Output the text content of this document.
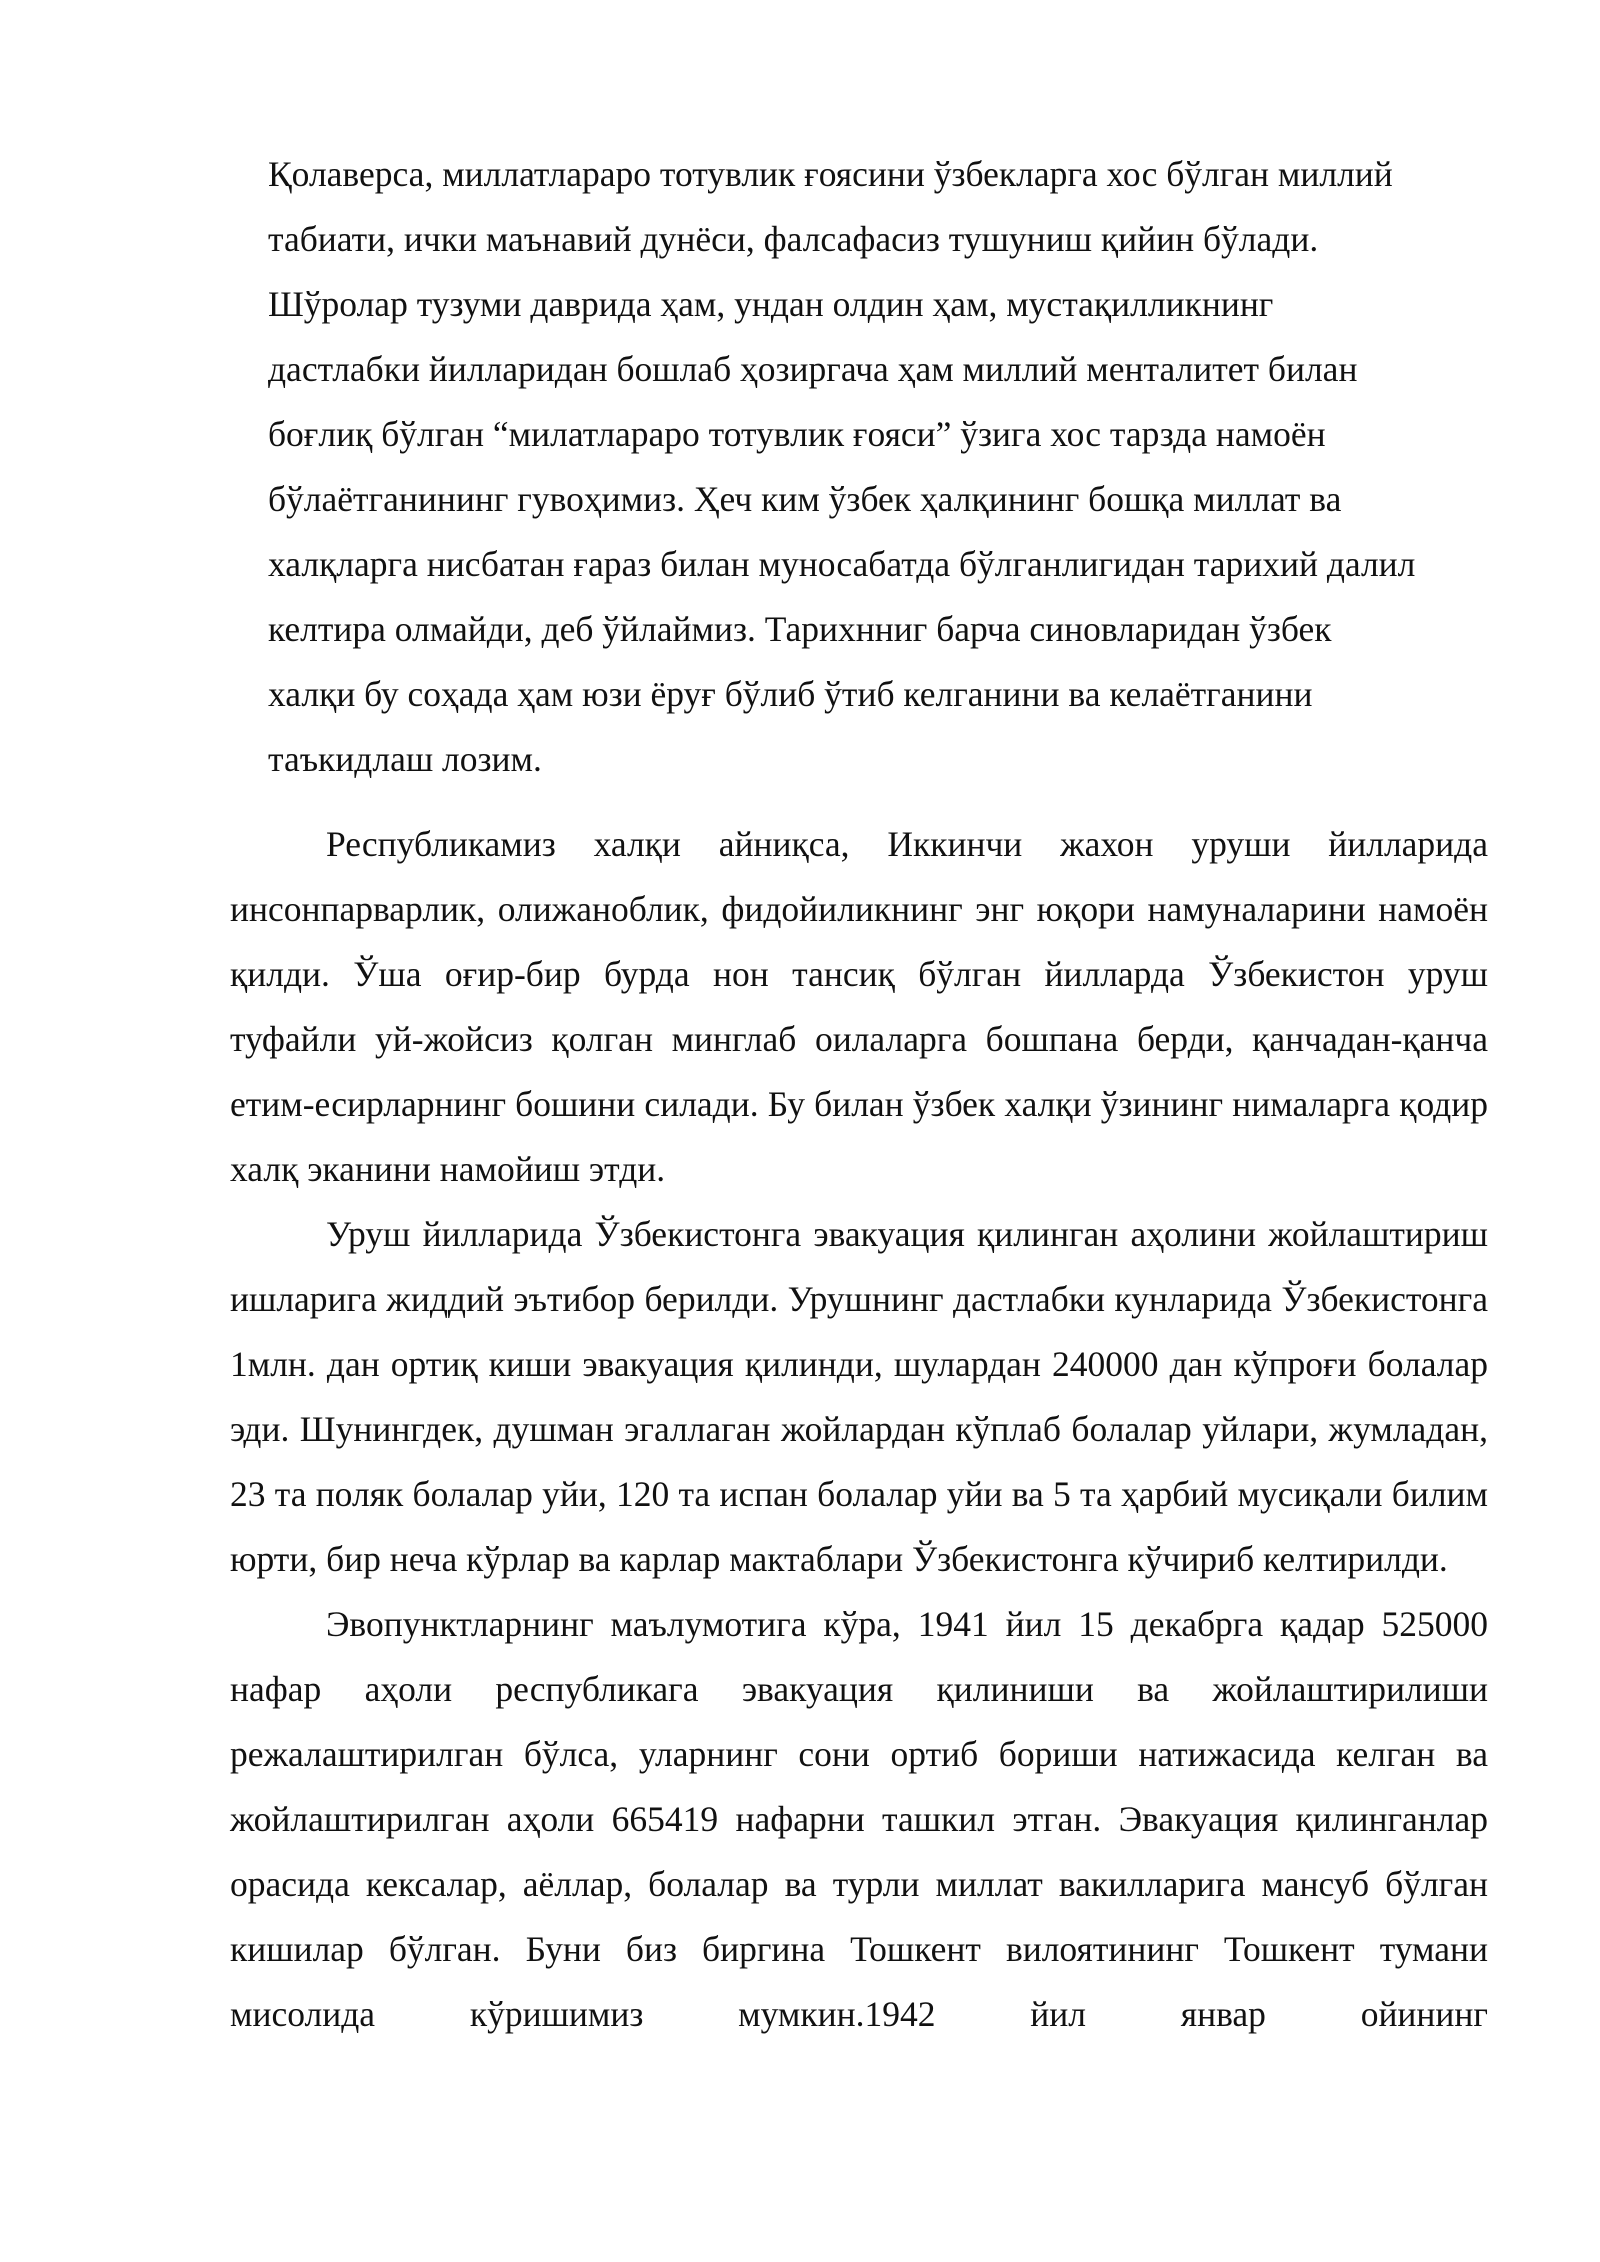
Қолаверса, миллатлараро тотувлик ғоясини ўзбекларга хос бўлган миллий
табиати, ички маънавий дунёси, фалсафасиз тушуниш қийин бўлади.
Шўролар тузуми даврида ҳам, ундан олдин ҳам, мустақилликнинг
дастлабки йилларидан бошлаб ҳозиргача ҳам миллий менталитет билан
боғлиқ бўлган “милатлараро тотувлик ғояси” ўзига хос тарзда намоён
бўлаётганининг гувоҳимиз. Ҳеч ким ўзбек ҳалқининг бошқа миллат ва
халқларга нисбатан ғараз билан муносабатда бўлганлигидан тарихий далил
келтира олмайди, деб ўйлаймиз. Тарихнниг барча синовларидан ўзбек
халқи бу соҳада ҳам юзи ёруғ бўлиб ўтиб келганини ва келаётганини
таъкидлаш лозим.

Республикамиз халқи айниқса, Иккинчи жахон уруши йилларида инсонпарварлик, олижаноблик, фидойиликнинг энг юқори намуналарини намоён қилди. Ўша оғир-бир бурда нон тансиқ бўлган йилларда Ўзбекистон уруш туфайли уй-жойсиз қолган минглаб оилаларга бошпана берди, қанчадан-қанча етим-есирларнинг бошини силади. Бу билан ўзбек халқи ўзининг нималарга қодир халқ эканини намойиш этди.

Уруш йилларида Ўзбекистонга эвакуация қилинган аҳолини жойлаштириш ишларига жиддий эътибор берилди. Урушнинг дастлабки кунларида Ўзбекистонга 1млн. дан ортиқ киши эвакуация қилинди, шулардан 240000 дан кўпроғи болалар эди. Шунингдек, душман эгаллаган жойлардан кўплаб болалар уйлари, жумладан, 23 та поляк болалар уйи, 120 та испан болалар уйи ва 5 та ҳарбий мусиқали билим юрти, бир неча кўрлар ва карлар мактаблари Ўзбекистонга кўчириб келтирилди.

Эвопунктларнинг маълумотига кўра, 1941 йил 15 декабрга қадар 525000 нафар аҳоли республикага эвакуация қилиниши ва жойлаштирилиши режалаштирилган бўлса, уларнинг сони ортиб бориши натижасида келган ва жойлаштирилган аҳоли 665419 нафарни ташкил этган. Эвакуация қилинганлар орасида кексалар, аёллар, болалар ва турли миллат вакилларига мансуб бўлган кишилар бўлган. Буни биз биргина Тошкент вилоятининг Тошкент тумани мисолида кўришимиз мумкин.1942 йил январ ойининг
